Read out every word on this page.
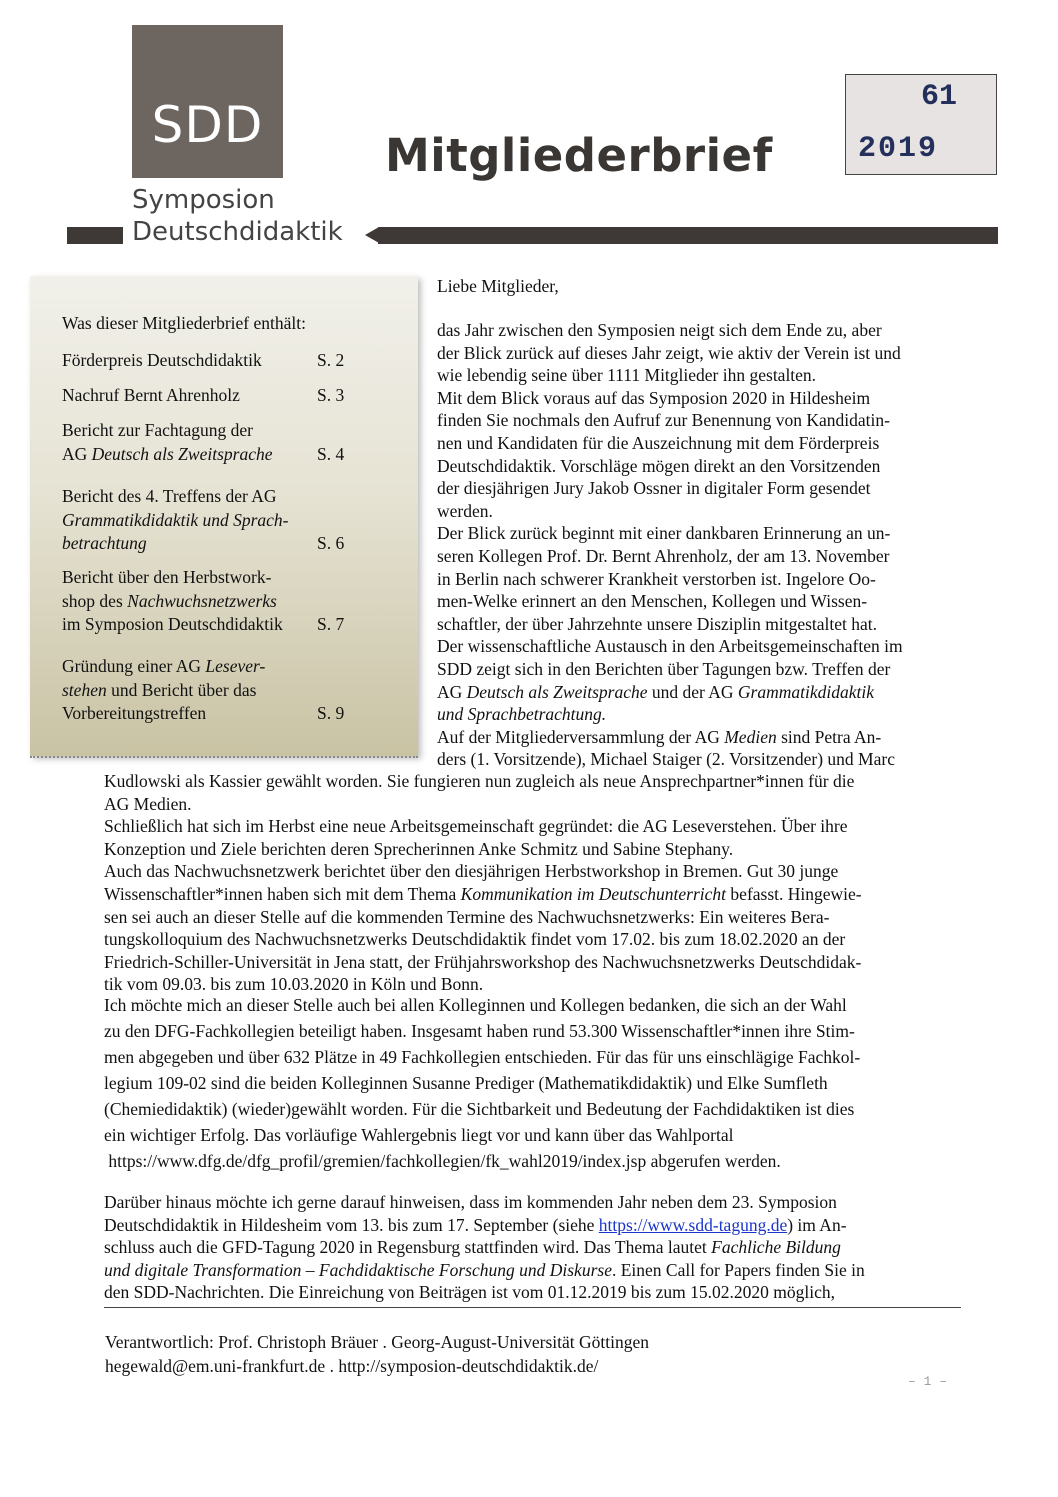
SDD
Symposion
Deutschdidaktik
Mitgliederbrief
61
2019
Was dieser Mitgliederbrief enthält:
Förderpreis Deutschdidaktik	S. 2
Nachruf Bernt Ahrenholz	S. 3
Bericht zur Fachtagung der
AG Deutsch als Zweitsprache	S. 4
Bericht des 4. Treffens der AG
Grammatikdidaktik und Sprach-
betrachtung	S. 6
Bericht über den Herbstwork-
shop des Nachwuchsnetzwerks
im Symposion Deutschdidaktik	S. 7
Gründung einer AG Lesever-
stehen und Bericht über das
Vorbereitungstreffen	S. 9
Liebe Mitglieder,
das Jahr zwischen den Symposien neigt sich dem Ende zu, aber
der Blick zurück auf dieses Jahr zeigt, wie aktiv der Verein ist und
wie lebendig seine über 1111 Mitglieder ihn gestalten.
Mit dem Blick voraus auf das Symposion 2020 in Hildesheim
finden Sie nochmals den Aufruf zur Benennung von Kandidatin-
nen und Kandidaten für die Auszeichnung mit dem Förderpreis
Deutschdidaktik. Vorschläge mögen direkt an den Vorsitzenden
der diesjährigen Jury Jakob Ossner in digitaler Form gesendet
werden.
Der Blick zurück beginnt mit einer dankbaren Erinnerung an un-
seren Kollegen Prof. Dr. Bernt Ahrenholz, der am 13. November
in Berlin nach schwerer Krankheit verstorben ist. Ingelore Oo-
men-Welke erinnert an den Menschen, Kollegen und Wissen-
schaftler, der über Jahrzehnte unsere Disziplin mitgestaltet hat.
Der wissenschaftliche Austausch in den Arbeitsgemeinschaften im
SDD zeigt sich in den Berichten über Tagungen bzw. Treffen der
AG Deutsch als Zweitsprache und der AG Grammatikdidaktik
und Sprachbetrachtung.
Auf der Mitgliederversammlung der AG Medien sind Petra An-
ders (1. Vorsitzende), Michael Staiger (2. Vorsitzender) und Marc
Kudlowski als Kassier gewählt worden. Sie fungieren nun zugleich als neue Ansprechpartner*innen für die
AG Medien.
Schließlich hat sich im Herbst eine neue Arbeitsgemeinschaft gegründet: die AG Leseverstehen. Über ihre
Konzeption und Ziele berichten deren Sprecherinnen Anke Schmitz und Sabine Stephany.
Auch das Nachwuchsnetzwerk berichtet über den diesjährigen Herbstworkshop in Bremen. Gut 30 junge
Wissenschaftler*innen haben sich mit dem Thema Kommunikation im Deutschunterricht befasst. Hingewie-
sen sei auch an dieser Stelle auf die kommenden Termine des Nachwuchsnetzwerks: Ein weiteres Bera-
tungskolloquium des Nachwuchsnetzwerks Deutschdidaktik findet vom 17.02. bis zum 18.02.2020 an der
Friedrich-Schiller-Universität in Jena statt, der Frühjahrsworkshop des Nachwuchsnetzwerks Deutschdidak-
tik vom 09.03. bis zum 10.03.2020 in Köln und Bonn.
Ich möchte mich an dieser Stelle auch bei allen Kolleginnen und Kollegen bedanken, die sich an der Wahl
zu den DFG-Fachkollegien beteiligt haben. Insgesamt haben rund 53.300 Wissenschaftler*innen ihre Stim-
men abgegeben und über 632 Plätze in 49 Fachkollegien entschieden. Für das für uns einschlägige Fachkol-
legium 109-02 sind die beiden Kolleginnen Susanne Prediger (Mathematikdidaktik) und Elke Sumfleth
(Chemiedidaktik) (wieder)gewählt worden. Für die Sichtbarkeit und Bedeutung der Fachdidaktiken ist dies
ein wichtiger Erfolg. Das vorläufige Wahlergebnis liegt vor und kann über das Wahlportal
https://www.dfg.de/dfg_profil/gremien/fachkollegien/fk_wahl2019/index.jsp abgerufen werden.
Darüber hinaus möchte ich gerne darauf hinweisen, dass im kommenden Jahr neben dem 23. Symposion
Deutschdidaktik in Hildesheim vom 13. bis zum 17. September (siehe https://www.sdd-tagung.de) im An-
schluss auch die GFD-Tagung 2020 in Regensburg stattfinden wird. Das Thema lautet Fachliche Bildung
und digitale Transformation – Fachdidaktische Forschung und Diskurse. Einen Call for Papers finden Sie in
den SDD-Nachrichten. Die Einreichung von Beiträgen ist vom 01.12.2019 bis zum 15.02.2020 möglich,
Verantwortlich: Prof. Christoph Bräuer . Georg-August-Universität Göttingen
hegewald@em.uni-frankfurt.de . http://symposion-deutschdidaktik.de/
– 1 –
